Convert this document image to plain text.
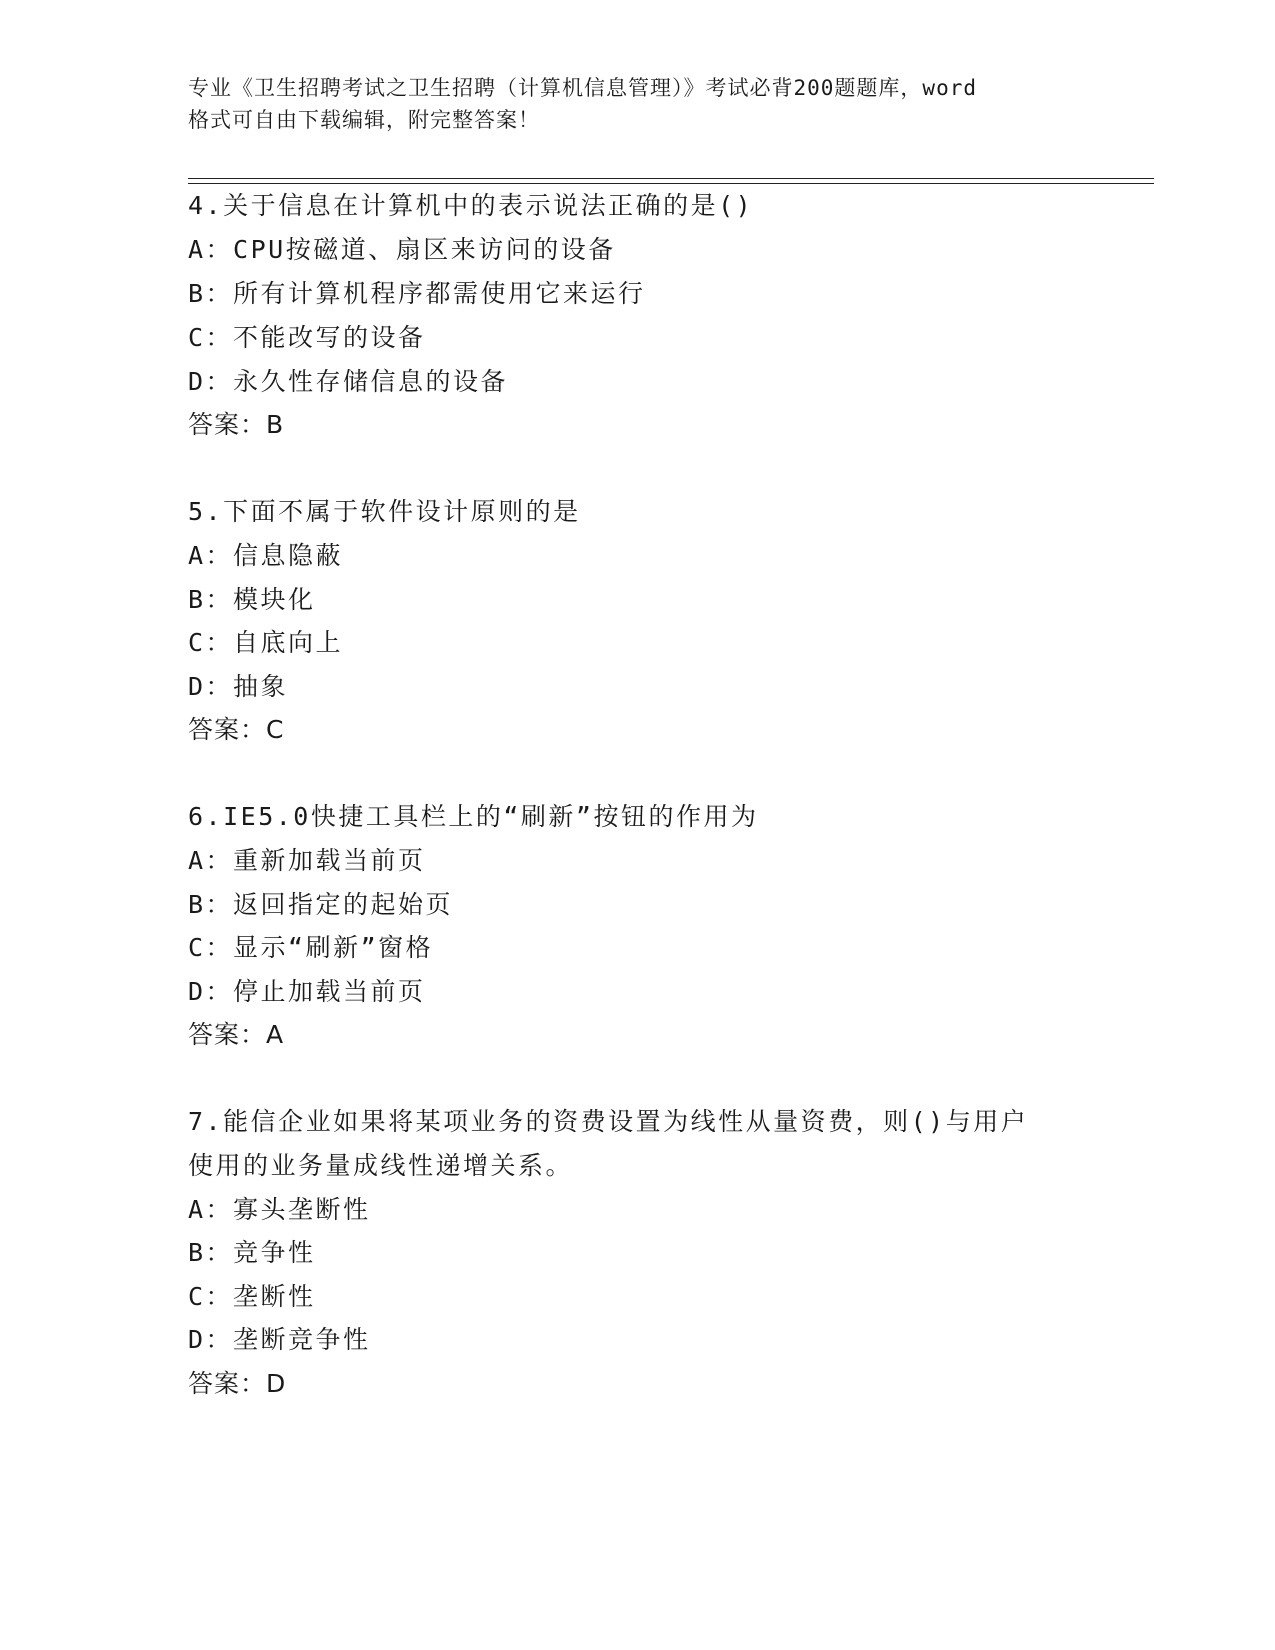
专业《卫生招聘考试之卫生招聘（计算机信息管理）》考试必背200题题库，word
格式可自由下载编辑，附完整答案！
4.关于信息在计算机中的表示说法正确的是()
A：CPU按磁道、扇区来访问的设备
B：所有计算机程序都需使用它来运行
C：不能改写的设备
D：永久性存储信息的设备
答案：B
5.下面不属于软件设计原则的是
A：信息隐蔽
B：模块化
C：自底向上
D：抽象
答案：C
6.IE5.0快捷工具栏上的“刷新”按钮的作用为
A：重新加载当前页
B：返回指定的起始页
C：显示“刷新”窗格
D：停止加载当前页
答案：A
7.能信企业如果将某项业务的资费设置为线性从量资费，则()与用户
使用的业务量成线性递增关系。
A：寡头垄断性
B：竞争性
C：垄断性
D：垄断竞争性
答案：D
